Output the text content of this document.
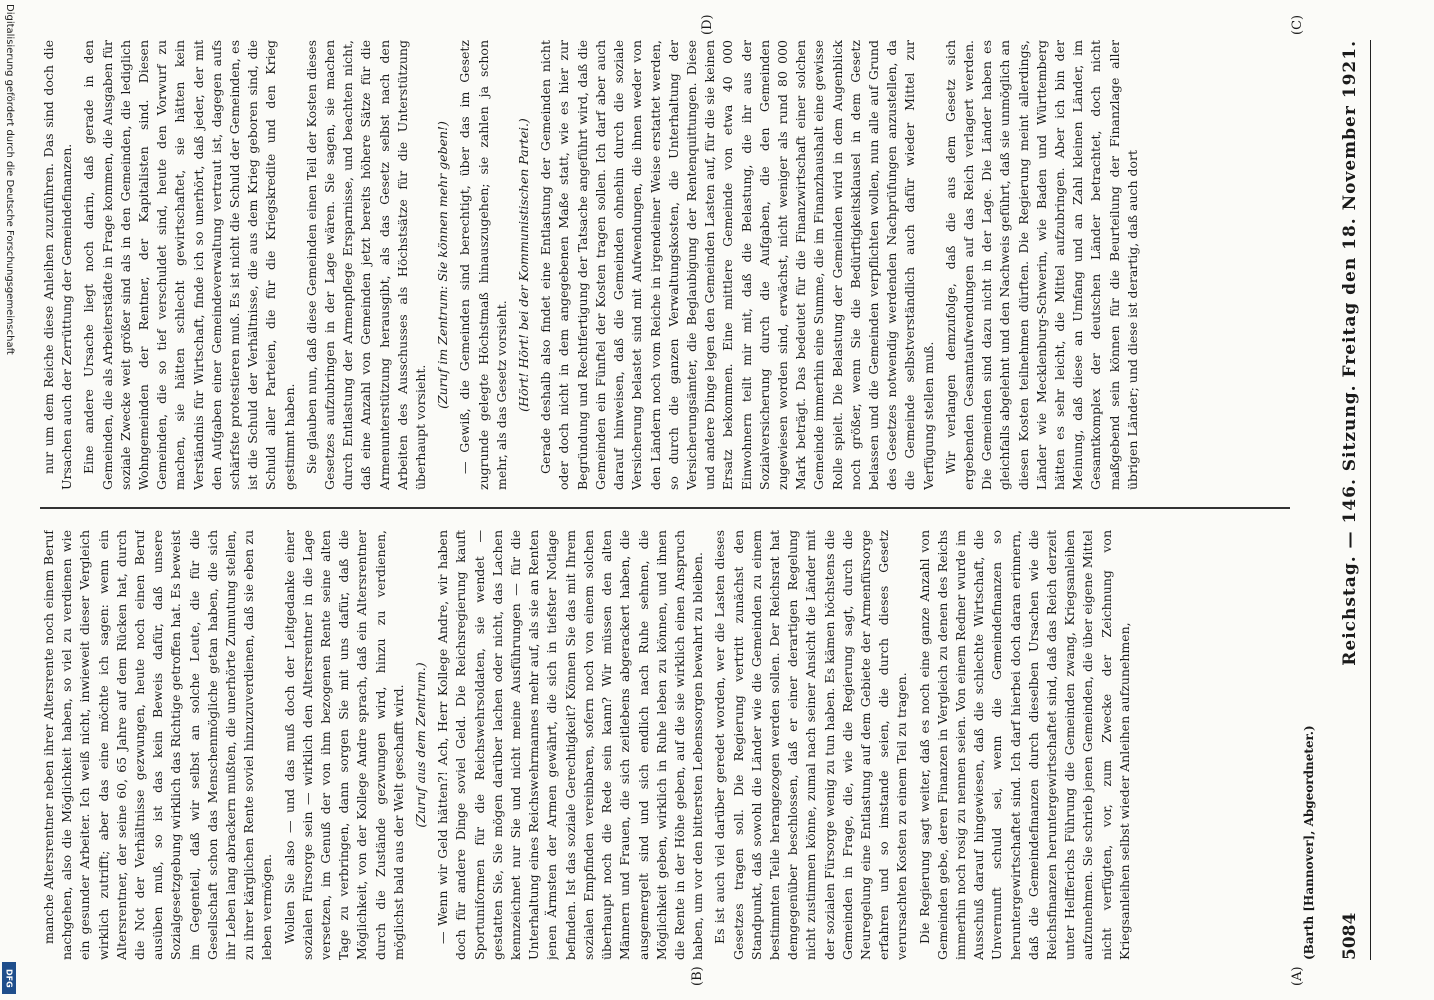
5084
Reichstag. — 146. Sitzung. Freitag den 18. November 1921.
(Barth [Hannover], Abgeordneter.)

manche Altersrentner neben ihrer Altersrente noch einem Beruf nachgehen, also die Möglichkeit haben, so viel zu verdienen wie ein gesunder Arbeiter. Ich weiß nicht, inwieweit dieser Vergleich wirklich zutrifft; aber das eine möchte ich sagen: wenn ein Altersrentner, der seine 60, 65 Jahre auf dem Rücken hat, durch die Not der Verhältnisse gezwungen, heute noch einen Beruf ausüben muß, so ist das kein Beweis dafür, daß unsere Sozialgesetzgebung wirklich das Richtige getroffen hat. Es beweist im Gegenteil, daß wir selbst an solche Leute, die für die Gesellschaft schon das Menschenmögliche getan haben, die sich ihr Leben lang abrackern mußten, die unerhörte Zumutung stellen, zu ihrer kärglichen Rente soviel hinzuzuverdienen, daß sie eben zu leben vermögen. Wollen Sie also — und das muß doch der Leitgedanke einer sozialen Fürsorge sein — wirklich den Altersrentner in die Lage versetzen, im Genuß der von ihm bezogenen Rente seine alten Tage zu verbringen, dann sorgen Sie mit uns dafür, daß die Möglichkeit, von der Kollege Andre sprach, daß ein Altersrentner durch die Zustände gezwungen wird, hinzu zu verdienen, möglichst bald aus der Welt geschafft wird. (Zuruf aus dem Zentrum.) — Wenn wir Geld hätten?! Ach, Herr Kollege Andre, wir haben doch für andere Dinge soviel Geld. Die Reichsregierung kauft Sportuniformen für die Reichswehrsoldaten, sie wendet — gestatten Sie, Sie mögen darüber lachen oder nicht, das Lachen kennzeichnet nur Sie und nicht meine Ausführungen — für die Unterhaltung eines Reichswehrmannes mehr auf, als sie an Renten jenen Ärmsten der Armen gewährt, die sich in tiefster Notlage befinden. Ist das soziale Gerechtigkeit? Können Sie das mit Ihrem sozialen Empfinden vereinbaren, sofern noch von einem solchen überhaupt noch die Rede sein kann? Wir müssen den alten Männern und Frauen, die sich zeitlebens abgerackert haben, die ausgemergelt sind und sich endlich nach Ruhe sehnen, die Möglichkeit geben, wirklich in Ruhe leben zu können, und ihnen die Rente in der Höhe geben, auf die sie wirklich einen Anspruch haben, um vor den bittersten Lebenssorgen bewahrt zu bleiben. Es ist auch viel darüber geredet worden, wer die Lasten dieses Gesetzes tragen soll. Die Regierung vertritt zunächst den Standpunkt, daß sowohl die Länder wie die Gemeinden zu einem bestimmten Teile herangezogen werden sollen. Der Reichsrat hat demgegenüber beschlossen, daß er einer derartigen Regelung nicht zustimmen könne, zumal nach seiner Ansicht die Länder mit der sozialen Fürsorge wenig zu tun haben. Es kämen höchstens die Gemeinden in Frage, die, wie die Regierung sagt, durch die Neuregelung eine Entlastung auf dem Gebiete der Armenfürsorge erfahren und so imstande seien, die durch dieses Gesetz verursachten Kosten zu einem Teil zu tragen. Die Regierung sagt weiter, daß es noch eine ganze Anzahl von Gemeinden gebe, deren Finanzen in Vergleich zu denen des Reichs immerhin noch rosig zu nennen seien. Von einem Redner wurde im Ausschuß darauf hingewiesen, daß die schlechte Wirtschaft, die Unvernunft schuld sei, wenn die Gemeindefinanzen so heruntergewirtschaftet sind. Ich darf hierbei doch daran erinnern, daß die Gemeindefinanzen durch dieselben Ursachen wie die Reichsfinanzen heruntergewirtschaftet sind, daß das Reich derzeit unter Helfferichs Führung die Gemeinden zwang, Kriegsanleihen aufzunehmen. Sie schrieb jenen Gemeinden, die über eigene Mittel nicht verfügten, vor, zum Zwecke der Zeichnung von Kriegsanleihen selbst wieder Anleihen aufzunehmen,

nur um dem Reiche diese Anleihen zuzuführen. Das sind doch die Ursachen auch der Zerrüttung der Gemeindefinanzen. Eine andere Ursache liegt noch darin, daß gerade in den Gemeinden, die als Arbeiterstädte in Frage kommen, die Ausgaben für soziale Zwecke weit größer sind als in den Gemeinden, die lediglich Wohngemeinden der Rentner, der Kapitalisten sind. Diesen Gemeinden, die so tief verschuldet sind, heute den Vorwurf zu machen, sie hätten schlecht gewirtschaftet, sie hätten kein Verständnis für Wirtschaft, finde ich so unerhört, daß jeder, der mit den Aufgaben einer Gemeindeverwaltung vertraut ist, dagegen aufs schärfste protestieren muß. Es ist nicht die Schuld der Gemeinden, es ist die Schuld der Verhältnisse, die aus dem Krieg geboren sind, die Schuld aller Parteien, die für die Kriegskredite und den Krieg gestimmt haben. Sie glauben nun, daß diese Gemeinden einen Teil der Kosten dieses Gesetzes aufzubringen in der Lage wären. Sie sagen, sie machen durch Entlastung der Armenpflege Ersparnisse, und beachten nicht, daß eine Anzahl von Gemeinden jetzt bereits höhere Sätze für die Armenunterstützung herausgibt, als das Gesetz selbst nach den Arbeiten des Ausschusses als Höchstsätze für die Unterstützung überhaupt vorsieht.

(Zuruf im Zentrum: Sie können mehr geben!) — Gewiß, die Gemeinden sind berechtigt, über das im Gesetz zugrunde gelegte Höchstmaß hinauszugehen; sie zahlen ja schon mehr, als das Gesetz vorsieht. (Hört! Hört! bei der Kommunistischen Partei.) Gerade deshalb also findet eine Entlastung der Gemeinden nicht oder doch nicht in dem angegebenen Maße statt, wie es hier zur Begründung und Rechtfertigung der Tatsache angeführt wird, daß die Gemeinden ein Fünftel der Kosten tragen sollen. Ich darf aber auch darauf hinweisen, daß die Gemeinden ohnehin durch die soziale Versicherung belastet sind mit Aufwendungen, die ihnen weder von den Ländern noch vom Reiche in irgendeiner Weise erstattet werden, so durch die ganzen Verwaltungskosten, die Unterhaltung der Versicherungsämter, die Beglaubigung der Rentenquittungen. Diese und andere Dinge legen den Gemeinden Lasten auf, für die sie keinen Ersatz bekommen. Eine mittlere Gemeinde von etwa 40 000 Einwohnern teilt mir mit, daß die Belastung, die ihr aus der Sozialversicherung durch die Aufgaben, die den Gemeinden zugewiesen worden sind, erwächst, nicht weniger als rund 80 000 Mark beträgt. Das bedeutet für die Finanzwirtschaft einer solchen Gemeinde immerhin eine Summe, die im Finanzhaushalt eine gewisse Rolle spielt. Die Belastung der Gemeinden wird in dem Augenblick noch größer, wenn Sie die Bedürftigkeitsklausel in dem Gesetz belassen und die Gemeinden verpflichten wollen, nun alle auf Grund des Gesetzes notwendig werdenden Nachprüfungen anzustellen, da die Gemeinde selbstverständlich auch dafür wieder Mittel zur Verfügung stellen muß. Wir verlangen demzufolge, daß die aus dem Gesetz sich ergebenden Gesamtaufwendungen auf das Reich verlagert werden. Die Gemeinden sind dazu nicht in der Lage. Die Länder haben es gleichfalls abgelehnt und den Nachweis geführt, daß sie unmöglich an diesen Kosten teilnehmen dürften. Die Regierung meint allerdings, Länder wie Mecklenburg-Schwerin, wie Baden und Württemberg hätten es sehr leicht, die Mittel aufzubringen. Aber ich bin der Meinung, daß diese an Umfang und an Zahl kleinen Länder, im Gesamtkomplex der deutschen Länder betrachtet, doch nicht maßgebend sein können für die Beurteilung der Finanzlage aller übrigen Länder; und diese ist derartig, daß auch dort

(A)
(B)
(C)
(D)
Digitalisierung gefördert durch die Deutsche Forschungsgemeinschaft
DFG
